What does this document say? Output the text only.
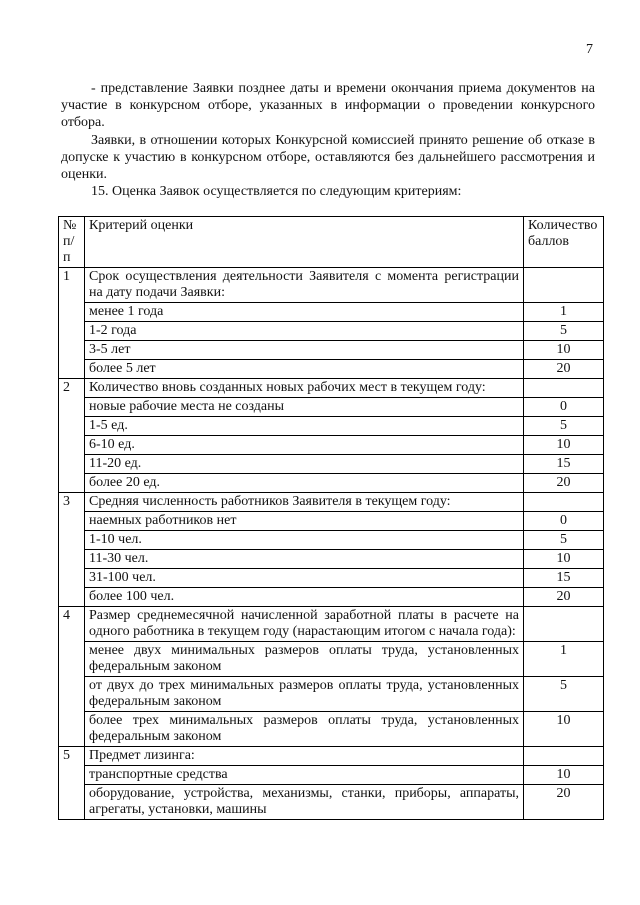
7
- представление Заявки позднее даты и времени окончания приема документов на участие в конкурсном отборе, указанных в информации о проведении конкурсного отбора.
Заявки, в отношении которых Конкурсной комиссией принято решение об отказе в допуске к участию в конкурсном отборе, оставляются без дальнейшего рассмотрения и оценки.
15. Оценка Заявок осуществляется по следующим критериям:
№ п/п	Критерий оценки	Количество баллов
1	Срок осуществления деятельности Заявителя с момента регистрации на дату подачи Заявки:	
	менее 1 года	1
	1-2 года	5
	3-5 лет	10
	более 5 лет	20
2	Количество вновь созданных новых рабочих мест в текущем году:	
	новые рабочие места не созданы	0
	1-5 ед.	5
	6-10 ед.	10
	11-20 ед.	15
	более 20 ед.	20
3	Средняя численность работников Заявителя в текущем году:	
	наемных работников нет	0
	1-10 чел.	5
	11-30 чел.	10
	31-100 чел.	15
	более 100 чел.	20
4	Размер среднемесячной начисленной заработной платы в расчете на одного работника в текущем году (нарастающим итогом с начала года):	
	менее двух минимальных размеров оплаты труда, установленных федеральным законом	1
	от двух до трех минимальных размеров оплаты труда, установленных федеральным законом	5
	более трех минимальных размеров оплаты труда, установленных федеральным законом	10
5	Предмет лизинга:	
	транспортные средства	10
	оборудование, устройства, механизмы, станки, приборы, аппараты, агрегаты, установки, машины	20
